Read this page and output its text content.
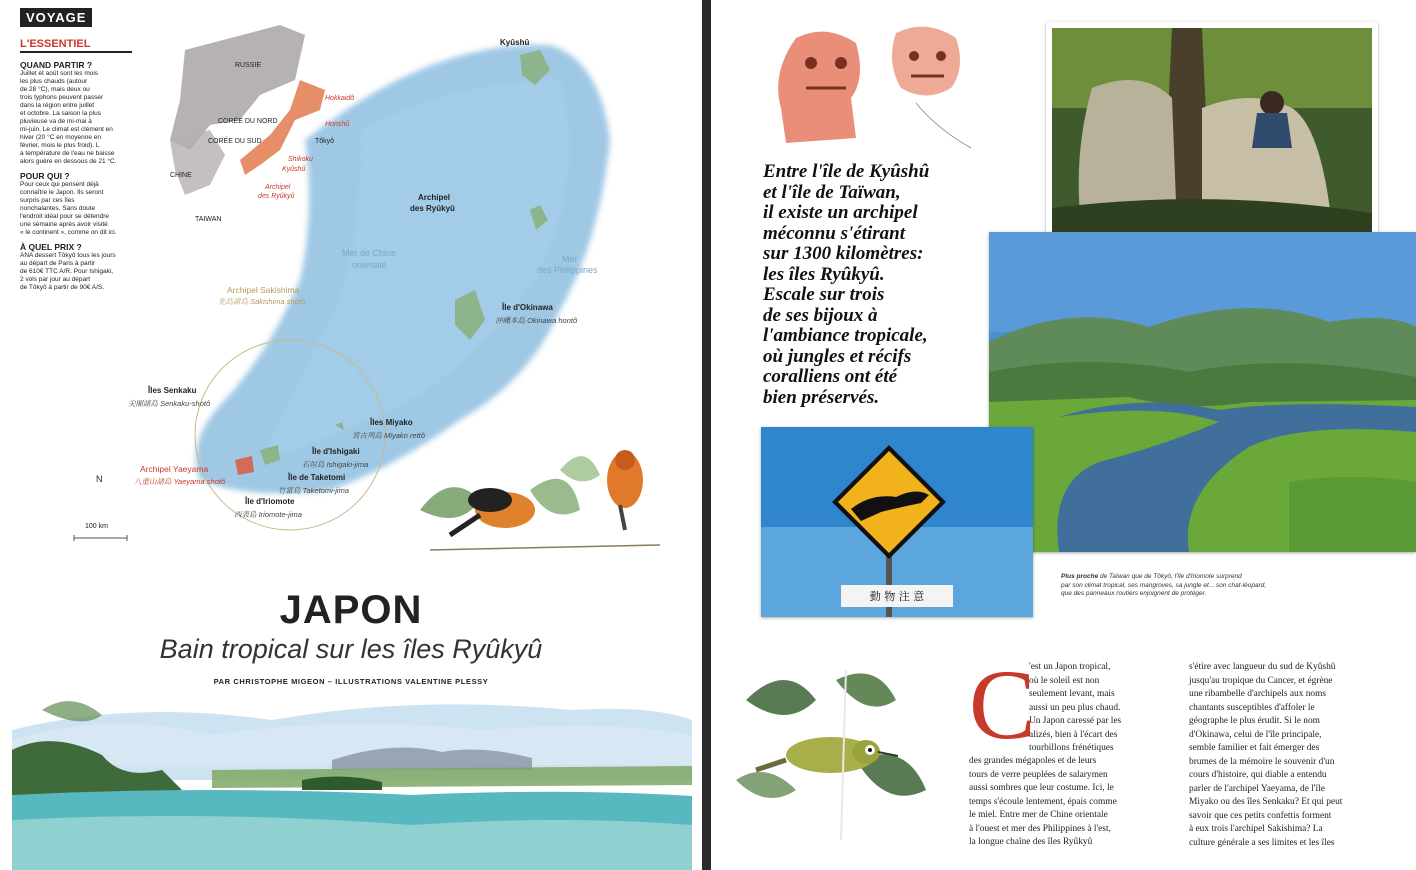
VOYAGE
L'ESSENTIEL
QUAND PARTIR ?
Juillet et août sont les mois
les plus chauds (autour
de 28 °C), mais deux ou
trois typhons peuvent passer
dans la région entre juillet
et octobre. La saison la plus
pluvieuse va de mi-mai à
mi-juin. Le climat est clément en
hiver (20 °C en moyenne en
février, mois le plus froid). L
a température de l'eau ne baisse
alors guère en dessous de 21 °C.
POUR QUI ?
Pour ceux qui pensent déjà
connaître le Japon. Ils seront
surpris par ces îles
nonchalantes. Sans doute
l'endroit idéal pour se détendre
une semaine après avoir visité
« le continent », comme on dit ici.
À QUEL PRIX ?
ANA dessert Tôkyô tous les jours
au départ de Paris à partir
de 610€ TTC A/R. Pour Ishigaki,
2 vols par jour au départ
de Tôkyô à partir de 90€ A/S.
RUSSIE
CORÉE DU NORD
CORÉE DU SUD
CHINE
TAIWAN
Hokkaidô
Honshû
Tôkyô
Shikoku
Kyûshû
Archipel
des Ryûkyû
Kyûshû
Archipel
des Ryûkyû
Mer de Chine
orientale
Mer
des Philippines
Archipel Sakishima
先島諸島 Sakishima shotô
Île d'Okinawa
沖縄本島 Okinawa hontô
Îles Senkaku
尖閣諸島 Senkaku-shotô
Îles Miyako
宮古列島 Miyako rettô
Île d'Ishigaki
石垣島 Ishigaki-jima
Archipel Yaeyama
八重山諸島 Yaeyama shotô	Île de Taketomi
竹富島 Taketomi-jima
Île d'Iriomote
西表島 Iriomote-jima
N
100 km
JAPON
Bain tropical sur les îles Ryûkyû
PAR CHRISTOPHE MIGEON – ILLUSTRATIONS VALENTINE PLESSY
Entre l'île de Kyûshû
et l'île de Taïwan,
il existe un archipel
méconnu s'étirant
sur 1300 kilomètres:
les îles Ryûkyû.
Escale sur trois
de ses bijoux à
l'ambiance tropicale,
où jungles et récifs
coralliens ont été
bien préservés.
動 物 注 意
Plus proche de Taïwan que de Tôkyô, l'île d'Iriomote surprend
par son climat tropical, ses mangroves, sa jungle et... son chat-léopard,
que des panneaux routiers enjoignent de protéger.
C
'est un Japon tropical,
où le soleil est non
seulement levant, mais
aussi un peu plus chaud.
Un Japon caressé par les
alizés, bien à l'écart des
tourbillons frénétiques
des grandes mégapoles et de leurs
tours de verre peuplées de salarymen
aussi sombres que leur costume. Ici, le
temps s'écoule lentement, épais comme
le miel. Entre mer de Chine orientale
à l'ouest et mer des Philippines à l'est,
la longue chaîne des îles Ryûkyû
s'étire avec langueur du sud de Kyûshû
jusqu'au tropique du Cancer, et égrène
une ribambelle d'archipels aux noms
chantants susceptibles d'affoler le
géographe le plus érudit. Si le nom
d'Okinawa, celui de l'île principale,
semble familier et fait émerger des
brumes de la mémoire le souvenir d'un
cours d'histoire, qui diable a entendu
parler de l'archipel Yaeyama, de l'île
Miyako ou des îles Senkaku? Et qui peut
savoir que ces petits confettis forment
à eux trois l'archipel Sakishima? La
culture générale a ses limites et les îles
